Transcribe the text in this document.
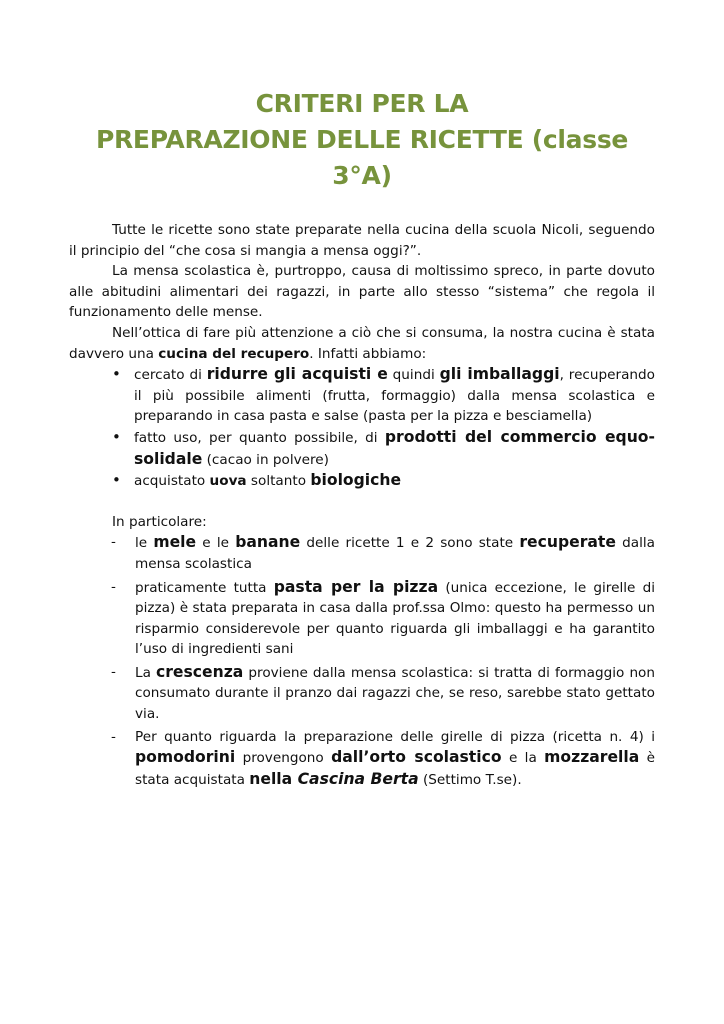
CRITERI PER LA
PREPARAZIONE DELLE RICETTE (classe
3°A)

Tutte le ricette sono state preparate nella cucina della scuola Nicoli, seguendo il principio del “che cosa si mangia a mensa oggi?”.

La mensa scolastica è, purtroppo, causa di moltissimo spreco, in parte dovuto alle abitudini alimentari dei ragazzi, in parte allo stesso “sistema” che regola il funzionamento delle mense.

Nell’ottica di fare più attenzione a ciò che si consuma, la nostra cucina è stata davvero una cucina del recupero. Infatti abbiamo:

• cercato di ridurre gli acquisti e quindi gli imballaggi, recuperando il più possibile alimenti (frutta, formaggio) dalla mensa scolastica e preparando in casa pasta e salse (pasta per la pizza e besciamella)
• fatto uso, per quanto possibile, di prodotti del commercio equo-solidale (cacao in polvere)
• acquistato uova soltanto biologiche

In particolare:

- le mele e le banane delle ricette 1 e 2 sono state recuperate dalla mensa scolastica
- praticamente tutta pasta per la pizza (unica eccezione, le girelle di pizza) è stata preparata in casa dalla prof.ssa Olmo: questo ha permesso un risparmio considerevole per quanto riguarda gli imballaggi e ha garantito l’uso di ingredienti sani
- La crescenza proviene dalla mensa scolastica: si tratta di formaggio non consumato durante il pranzo dai ragazzi che, se reso, sarebbe stato gettato via.
- Per quanto riguarda la preparazione delle girelle di pizza (ricetta n. 4) i pomodorini provengono dall’orto scolastico e la mozzarella è stata acquistata nella Cascina Berta (Settimo T.se).
